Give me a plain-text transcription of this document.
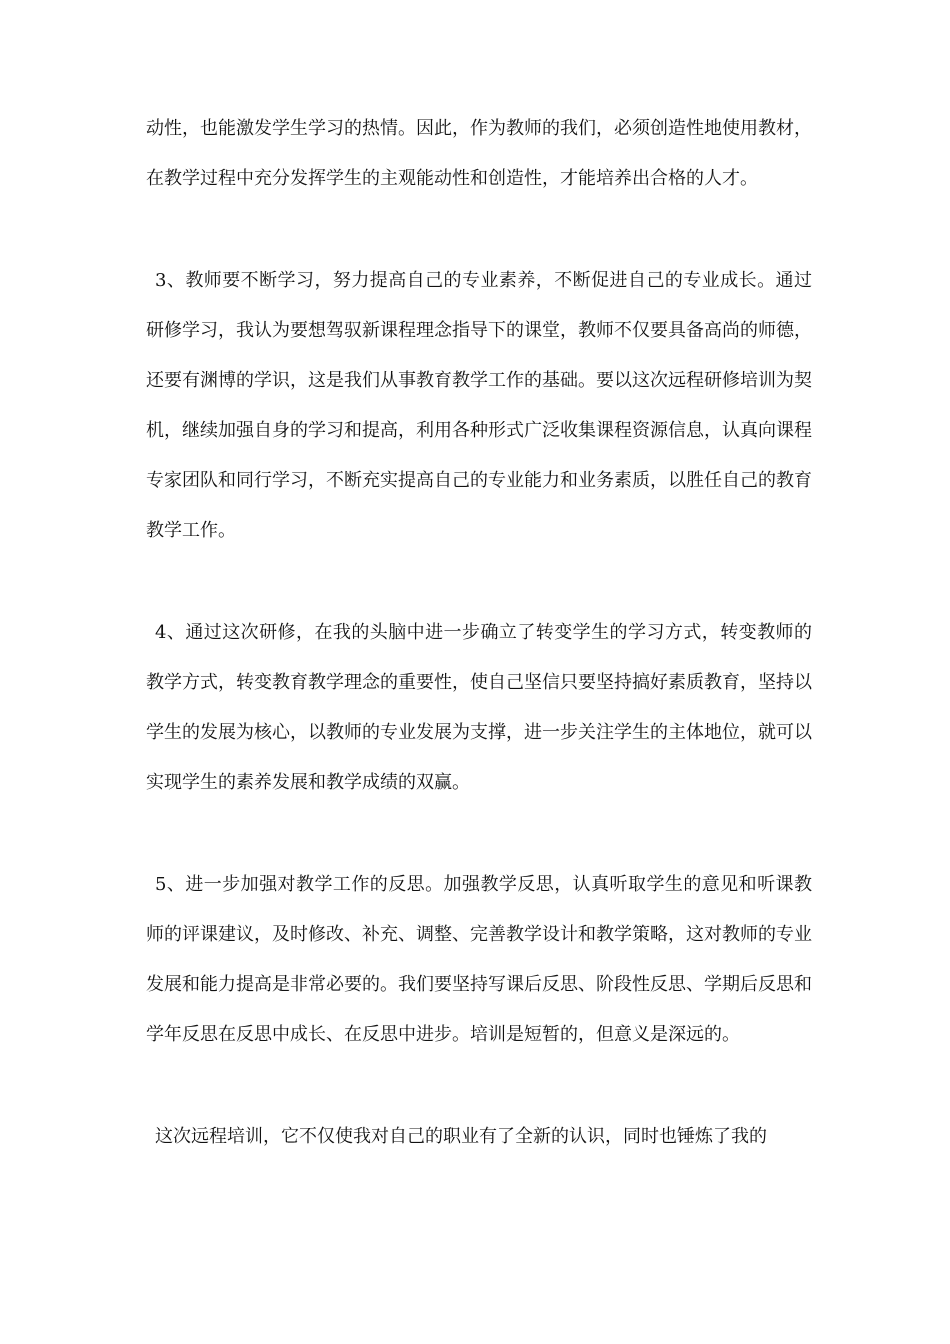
动性，也能激发学生学习的热情。因此，作为教师的我们，必须创造性地使用教材，在教学过程中充分发挥学生的主观能动性和创造性，才能培养出合格的人才。

3、教师要不断学习，努力提高自己的专业素养，不断促进自己的专业成长。通过研修学习，我认为要想驾驭新课程理念指导下的课堂，教师不仅要具备高尚的师德，还要有渊博的学识，这是我们从事教育教学工作的基础。要以这次远程研修培训为契机，继续加强自身的学习和提高，利用各种形式广泛收集课程资源信息，认真向课程专家团队和同行学习，不断充实提高自己的专业能力和业务素质，以胜任自己的教育教学工作。

4、通过这次研修，在我的头脑中进一步确立了转变学生的学习方式，转变教师的教学方式，转变教育教学理念的重要性，使自己坚信只要坚持搞好素质教育，坚持以学生的发展为核心，以教师的专业发展为支撑，进一步关注学生的主体地位，就可以实现学生的素养发展和教学成绩的双赢。

5、进一步加强对教学工作的反思。加强教学反思，认真听取学生的意见和听课教师的评课建议，及时修改、补充、调整、完善教学设计和教学策略，这对教师的专业发展和能力提高是非常必要的。我们要坚持写课后反思、阶段性反思、学期后反思和学年反思在反思中成长、在反思中进步。培训是短暂的，但意义是深远的。

这次远程培训，它不仅使我对自己的职业有了全新的认识，同时也锤炼了我的
